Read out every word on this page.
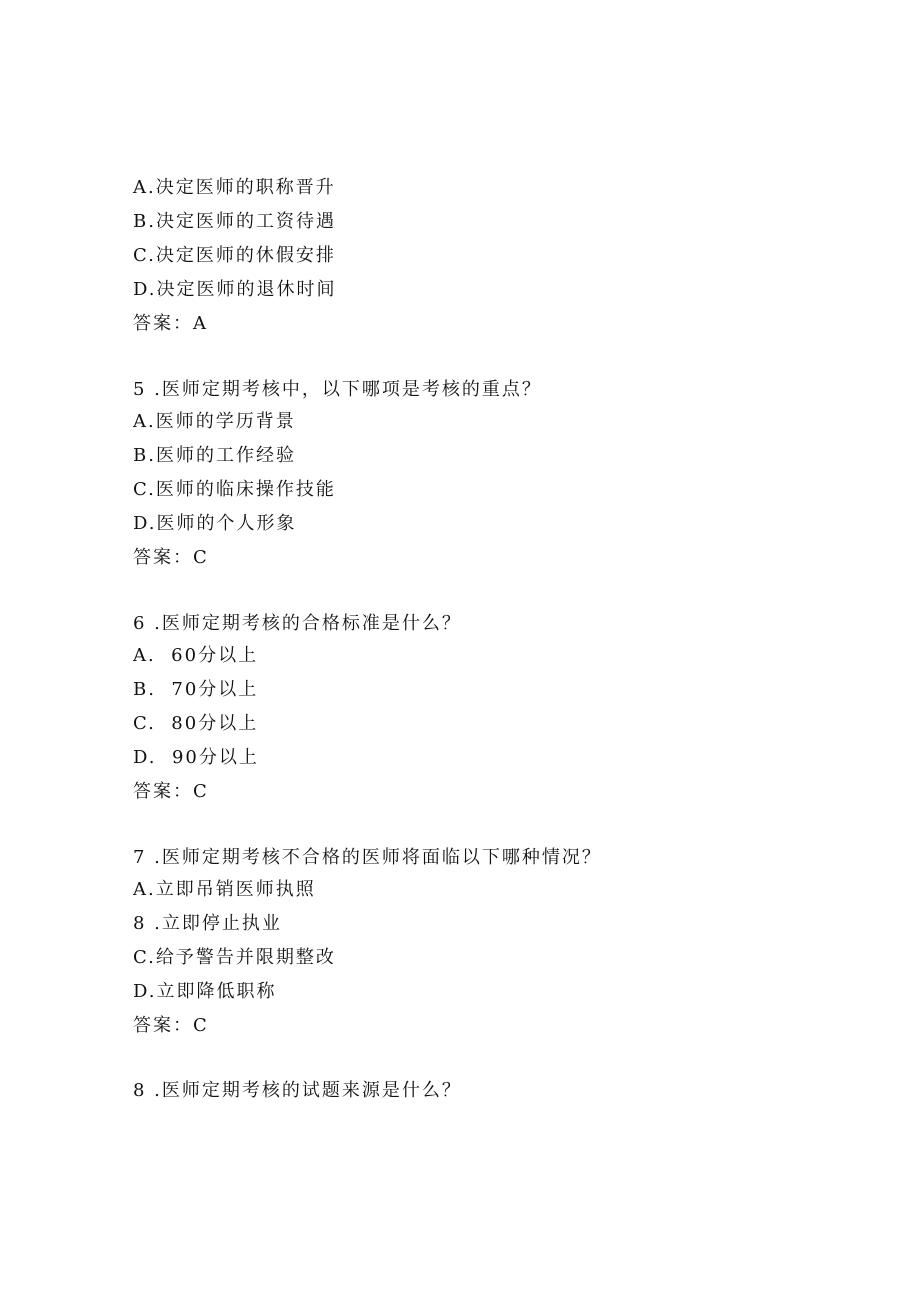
A.决定医师的职称晋升
B.决定医师的工资待遇
C.决定医师的休假安排
D.决定医师的退休时间
答案：A
5 .医师定期考核中，以下哪项是考核的重点？
A.医师的学历背景
B.医师的工作经验
C.医师的临床操作技能
D.医师的个人形象
答案：C
6 .医师定期考核的合格标准是什么？
A.  60分以上
B.  70分以上
C.  80分以上
D.  90分以上
答案：C
7 .医师定期考核不合格的医师将面临以下哪种情况？
A.立即吊销医师执照
8 .立即停止执业
C.给予警告并限期整改
D.立即降低职称
答案：C
8 .医师定期考核的试题来源是什么？
